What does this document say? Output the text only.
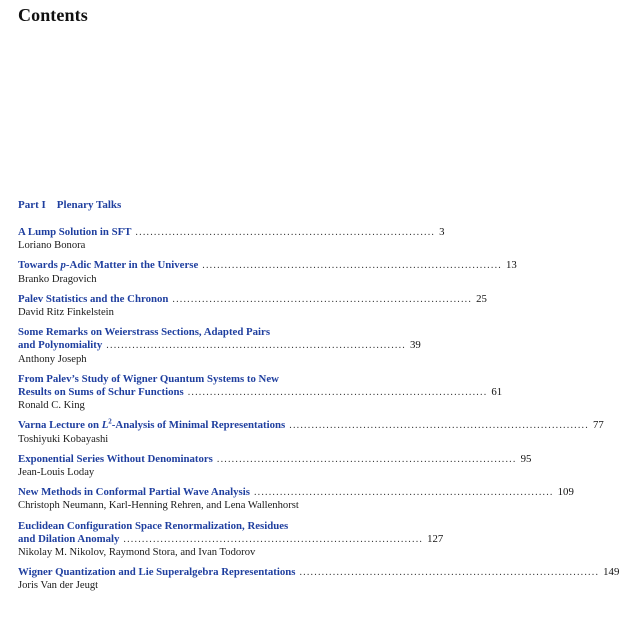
Contents
Part I Plenary Talks
A Lump Solution in SFT ................................................................................. 3
Loriano Bonora
Towards p-Adic Matter in the Universe ................................................................................. 13
Branko Dragovich
Palev Statistics and the Chronon ................................................................................. 25
David Ritz Finkelstein
Some Remarks on Weierstrass Sections, Adapted Pairs
and Polynomiality ................................................................................. 39
Anthony Joseph
From Palev’s Study of Wigner Quantum Systems to New
Results on Sums of Schur Functions ................................................................................. 61
Ronald C. King
Varna Lecture on $L^2$-Analysis of Minimal Representations ................................................................................. 77
Toshiyuki Kobayashi
Exponential Series Without Denominators ................................................................................. 95
Jean-Louis Loday
New Methods in Conformal Partial Wave Analysis ................................................................................. 109
Christoph Neumann, Karl-Henning Rehren, and Lena Wallenhorst
Euclidean Configuration Space Renormalization, Residues
and Dilation Anomaly ................................................................................. 127
Nikolay M. Nikolov, Raymond Stora, and Ivan Todorov
Wigner Quantization and Lie Superalgebra Representations ................................................................................. 149
Joris Van der Jeugt
